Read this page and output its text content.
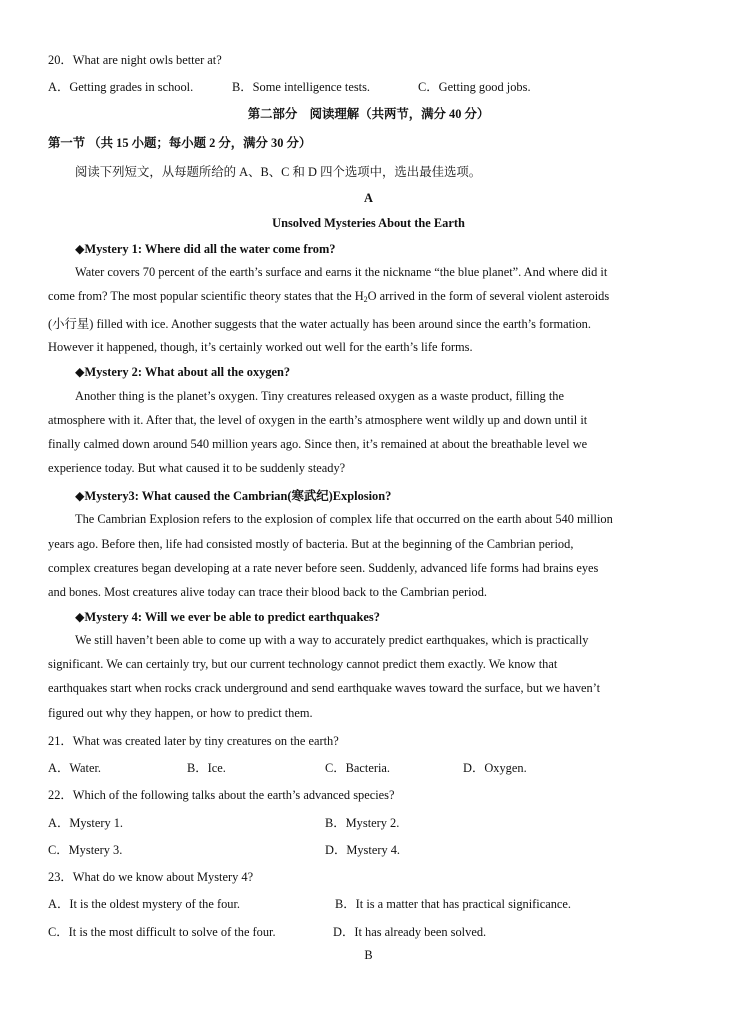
20．What are night owls better at?
A．Getting grades in school.	B．Some intelligence tests.	C．Getting good jobs.
第二部分　阅读理解（共两节，满分 40 分）
第一节 （共 15 小题；每小题 2 分，满分 30 分）
阅读下列短文，从每题所给的 A、B、C 和 D 四个选项中，选出最佳选项。
A
Unsolved Mysteries About the Earth
◆Mystery 1: Where did all the water come from?
Water covers 70 percent of the earth’s surface and earns it the nickname “the blue planet”. And where did it
come from? The most popular scientific theory states that the $H_2O$ arrived in the form of several violent asteroids
(小行星) filled with ice. Another suggests that the water actually has been around since the earth’s formation.
However it happened, though, it’s certainly worked out well for the earth’s life forms.
◆Mystery 2: What about all the oxygen?
Another thing is the planet’s oxygen. Tiny creatures released oxygen as a waste product, filling the
atmosphere with it. After that, the level of oxygen in the earth’s atmosphere went wildly up and down until it
finally calmed down around 540 million years ago. Since then, it’s remained at about the breathable level we
experience today. But what caused it to be suddenly steady?
◆Mystery3: What caused the Cambrian(寒武纪)Explosion?
The Cambrian Explosion refers to the explosion of complex life that occurred on the earth about 540 million
years ago. Before then, life had consisted mostly of bacteria. But at the beginning of the Cambrian period,
complex creatures began developing at a rate never before seen. Suddenly, advanced life forms had brains eyes
and bones. Most creatures alive today can trace their blood back to the Cambrian period.
◆Mystery 4: Will we ever be able to predict earthquakes?
We still haven’t been able to come up with a way to accurately predict earthquakes, which is practically
significant. We can certainly try, but our current technology cannot predict them exactly. We know that
earthquakes start when rocks crack underground and send earthquake waves toward the surface, but we haven’t
figured out why they happen, or how to predict them.
21．What was created later by tiny creatures on the earth?
A．Water.	B．Ice.	C．Bacteria.	D．Oxygen.
22．Which of the following talks about the earth’s advanced species?
A．Mystery 1.	B．Mystery 2.
C．Mystery 3.	D．Mystery 4.
23．What do we know about Mystery 4?
A．It is the oldest mystery of the four.	B．It is a matter that has practical significance.
C．It is the most difficult to solve of the four.	D．It has already been solved.
B
